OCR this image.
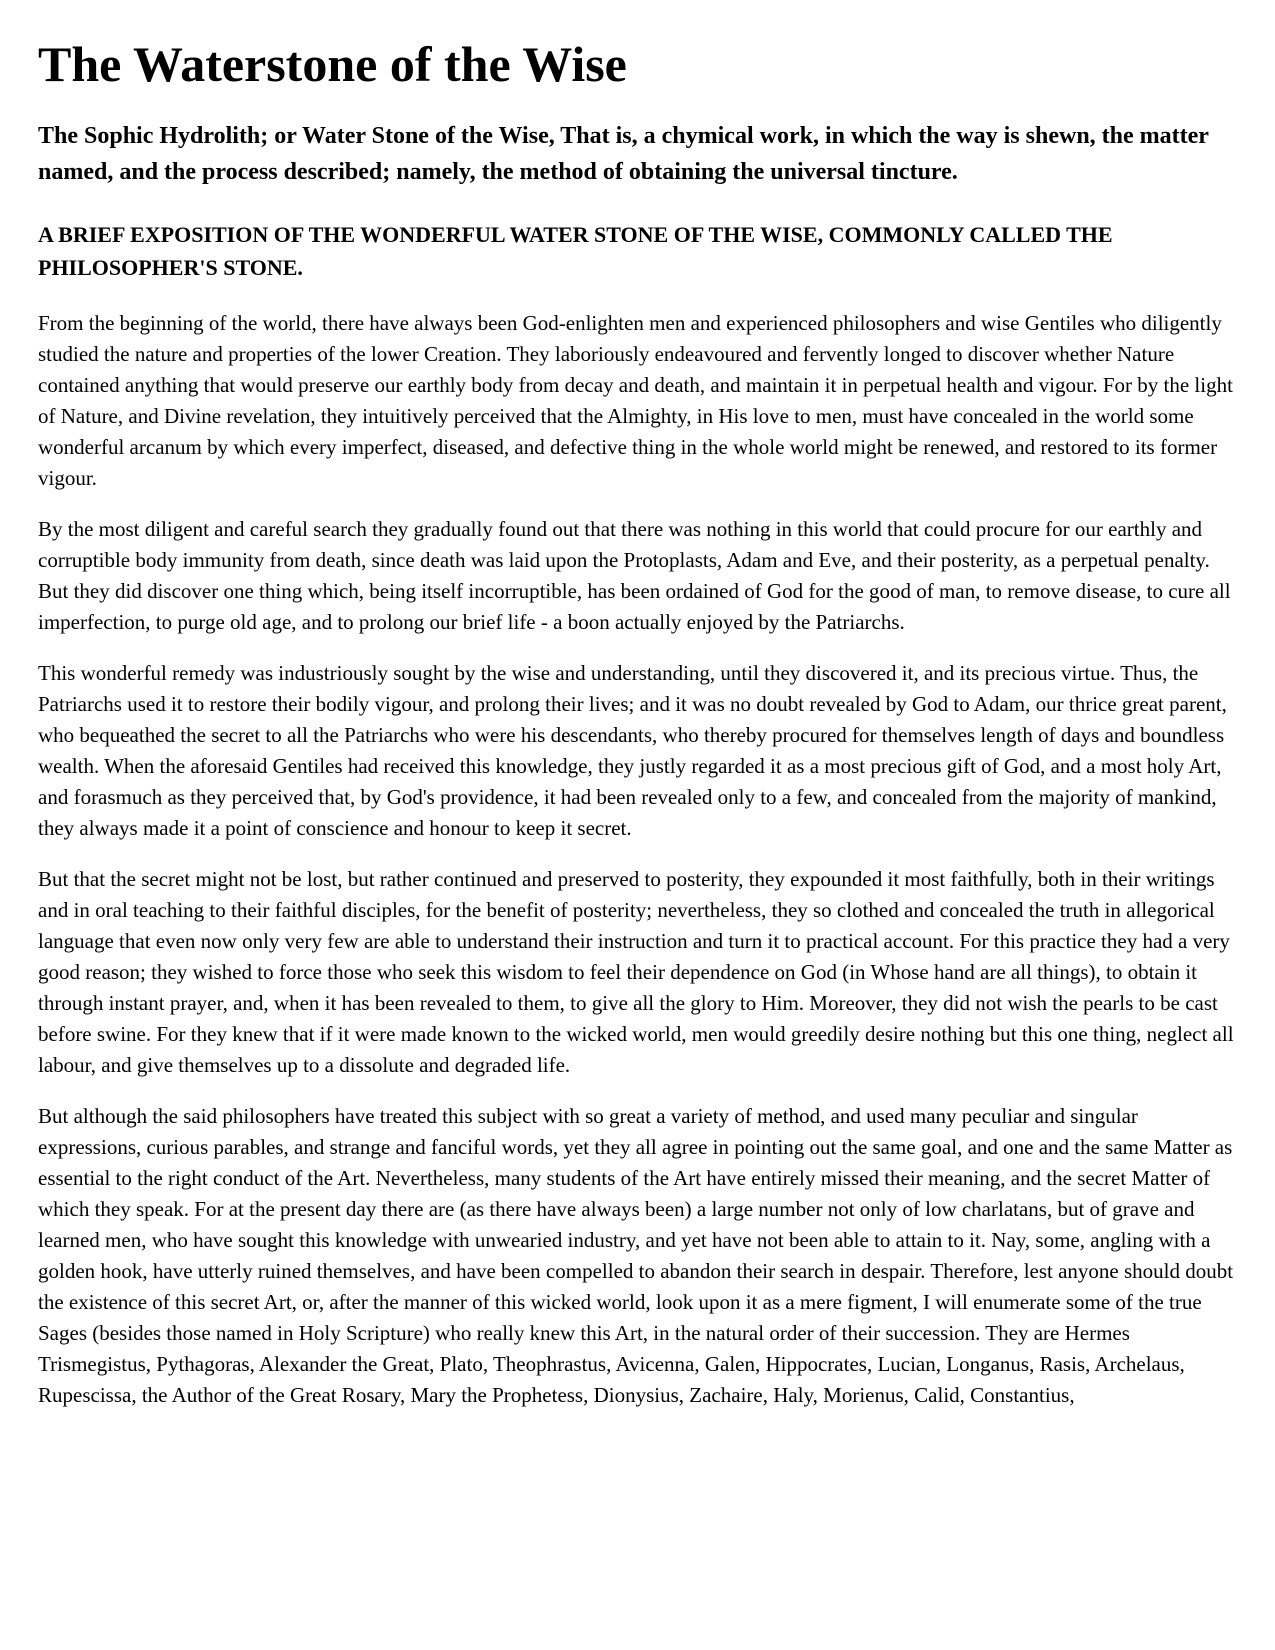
The Waterstone of the Wise

The Sophic Hydrolith; or Water Stone of the Wise, That is, a chymical work, in which the way is shewn, the matter named, and the process described; namely, the method of obtaining the universal tincture.

A BRIEF EXPOSITION OF THE WONDERFUL WATER STONE OF THE WISE, COMMONLY CALLED THE PHILOSOPHER'S STONE.

From the beginning of the world, there have always been God-enlighten men and experienced philosophers and wise Gentiles who diligently studied the nature and properties of the lower Creation. They laboriously endeavoured and fervently longed to discover whether Nature contained anything that would preserve our earthly body from decay and death, and maintain it in perpetual health and vigour. For by the light of Nature, and Divine revelation, they intuitively perceived that the Almighty, in His love to men, must have concealed in the world some wonderful arcanum by which every imperfect, diseased, and defective thing in the whole world might be renewed, and restored to its former vigour.

By the most diligent and careful search they gradually found out that there was nothing in this world that could procure for our earthly and corruptible body immunity from death, since death was laid upon the Protoplasts, Adam and Eve, and their posterity, as a perpetual penalty. But they did discover one thing which, being itself incorruptible, has been ordained of God for the good of man, to remove disease, to cure all imperfection, to purge old age, and to prolong our brief life - a boon actually enjoyed by the Patriarchs.

This wonderful remedy was industriously sought by the wise and understanding, until they discovered it, and its precious virtue. Thus, the Patriarchs used it to restore their bodily vigour, and prolong their lives; and it was no doubt revealed by God to Adam, our thrice great parent, who bequeathed the secret to all the Patriarchs who were his descendants, who thereby procured for themselves length of days and boundless wealth. When the aforesaid Gentiles had received this knowledge, they justly regarded it as a most precious gift of God, and a most holy Art, and forasmuch as they perceived that, by God's providence, it had been revealed only to a few, and concealed from the majority of mankind, they always made it a point of conscience and honour to keep it secret.

But that the secret might not be lost, but rather continued and preserved to posterity, they expounded it most faithfully, both in their writings and in oral teaching to their faithful disciples, for the benefit of posterity; nevertheless, they so clothed and concealed the truth in allegorical language that even now only very few are able to understand their instruction and turn it to practical account. For this practice they had a very good reason; they wished to force those who seek this wisdom to feel their dependence on God (in Whose hand are all things), to obtain it through instant prayer, and, when it has been revealed to them, to give all the glory to Him. Moreover, they did not wish the pearls to be cast before swine. For they knew that if it were made known to the wicked world, men would greedily desire nothing but this one thing, neglect all labour, and give themselves up to a dissolute and degraded life.

But although the said philosophers have treated this subject with so great a variety of method, and used many peculiar and singular expressions, curious parables, and strange and fanciful words, yet they all agree in pointing out the same goal, and one and the same Matter as essential to the right conduct of the Art. Nevertheless, many students of the Art have entirely missed their meaning, and the secret Matter of which they speak. For at the present day there are (as there have always been) a large number not only of low charlatans, but of grave and learned men, who have sought this knowledge with unwearied industry, and yet have not been able to attain to it. Nay, some, angling with a golden hook, have utterly ruined themselves, and have been compelled to abandon their search in despair. Therefore, lest anyone should doubt the existence of this secret Art, or, after the manner of this wicked world, look upon it as a mere figment, I will enumerate some of the true Sages (besides those named in Holy Scripture) who really knew this Art, in the natural order of their succession. They are Hermes Trismegistus, Pythagoras, Alexander the Great, Plato, Theophrastus, Avicenna, Galen, Hippocrates, Lucian, Longanus, Rasis, Archelaus, Rupescissa, the Author of the Great Rosary, Mary the Prophetess, Dionysius, Zachaire, Haly, Morienus, Calid, Constantius,
